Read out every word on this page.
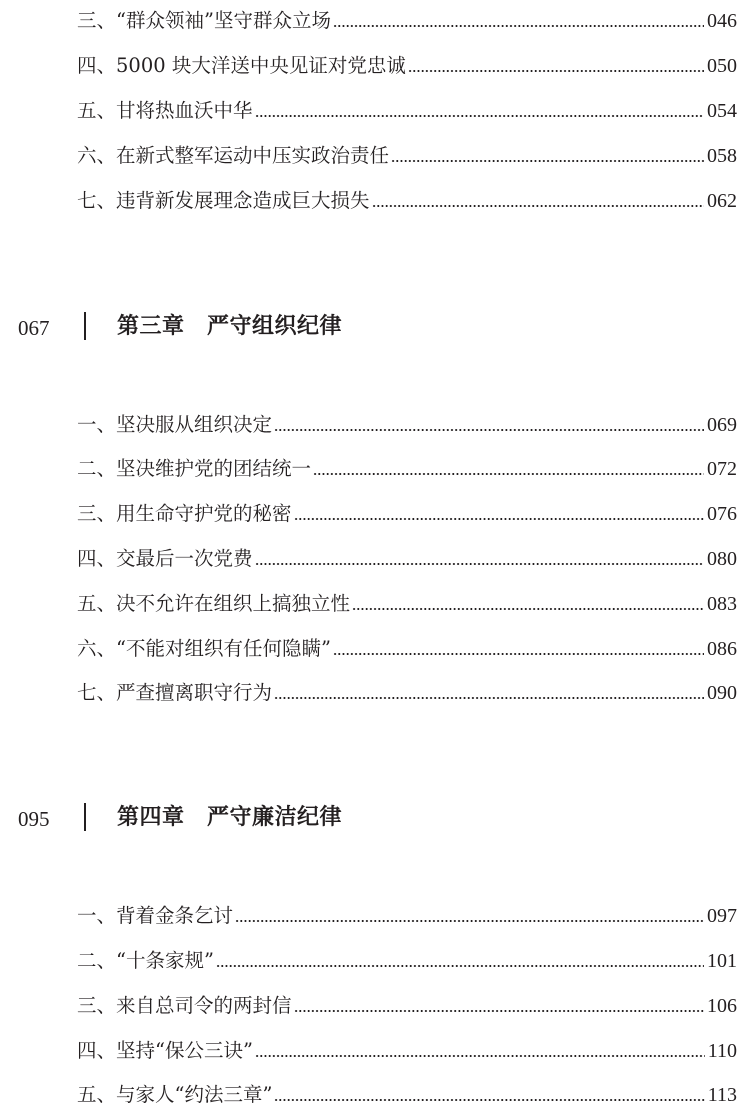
三、“群众领袖”坚守群众立场	046
四、5000 块大洋送中央见证对党忠诚	050
五、甘将热血沃中华	054
六、在新式整军运动中压实政治责任	058
七、违背新发展理念造成巨大损失	062
067	第三章　严守组织纪律
一、坚决服从组织决定	069
二、坚决维护党的团结统一	072
三、用生命守护党的秘密	076
四、交最后一次党费	080
五、决不允许在组织上搞独立性	083
六、“不能对组织有任何隐瞒”	086
七、严查擅离职守行为	090
095	第四章　严守廉洁纪律
一、背着金条乞讨	097
二、“十条家规”	101
三、来自总司令的两封信	106
四、坚持“保公三诀”	110
五、与家人“约法三章”	113
